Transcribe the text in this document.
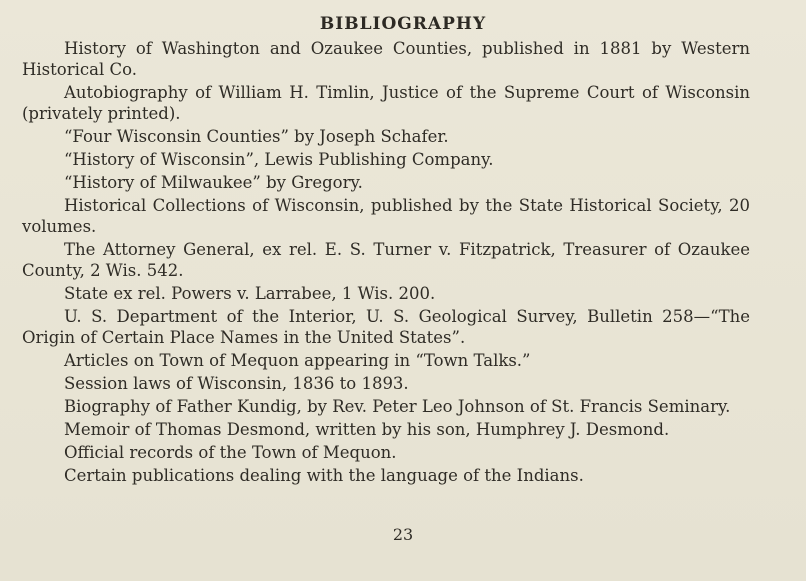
BIBLIOGRAPHY

History of Washington and Ozaukee Counties, published in 1881 by Western Historical Co.

Autobiography of William H. Timlin, Justice of the Supreme Court of Wisconsin (privately printed).

“Four Wisconsin Counties” by Joseph Schafer.

“History of Wisconsin”, Lewis Publishing Company.

“History of Milwaukee” by Gregory.

Historical Collections of Wisconsin, published by the State Historical Society, 20 volumes.

The Attorney General, ex rel. E. S. Turner v. Fitzpatrick, Treasurer of Ozaukee County, 2 Wis. 542.

State ex rel. Powers v. Larrabee, 1 Wis. 200.

U. S. Department of the Interior, U. S. Geological Survey, Bulletin 258—“The Origin of Certain Place Names in the United States”.

Articles on Town of Mequon appearing in “Town Talks.”

Session laws of Wisconsin, 1836 to 1893.

Biography of Father Kundig, by Rev. Peter Leo Johnson of St. Francis Seminary.

Memoir of Thomas Desmond, written by his son, Humphrey J. Desmond.

Official records of the Town of Mequon.

Certain publications dealing with the language of the Indians.

23
